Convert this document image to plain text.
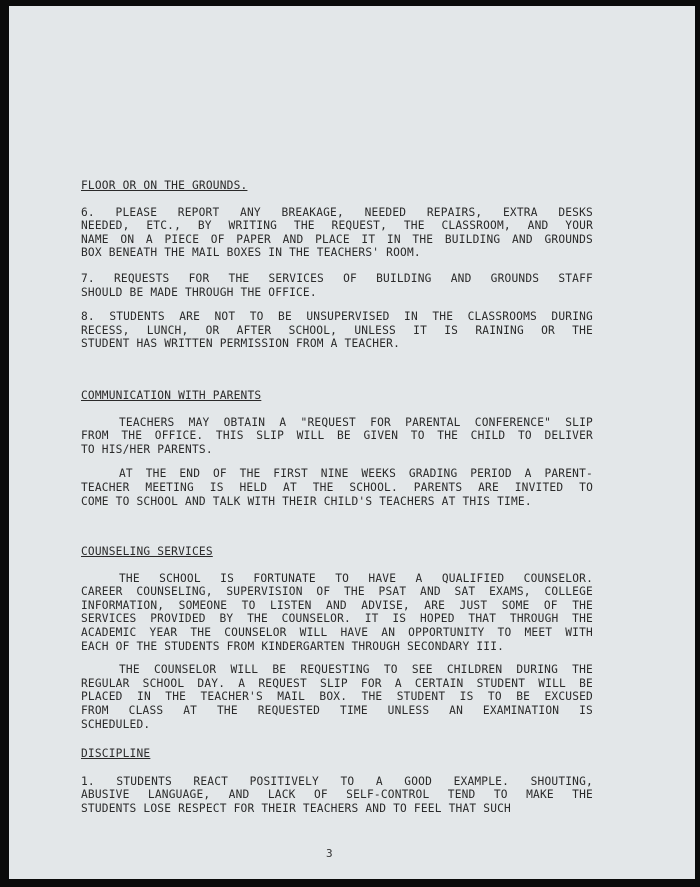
FLOOR OR ON THE GROUNDS.
6. PLEASE REPORT ANY BREAKAGE, NEEDED REPAIRS, EXTRA DESKS
NEEDED, ETC., BY WRITING THE REQUEST, THE CLASSROOM, AND YOUR
NAME ON A PIECE OF PAPER AND PLACE IT IN THE BUILDING AND GROUNDS
BOX BENEATH THE MAIL BOXES IN THE TEACHERS' ROOM.
7. REQUESTS FOR THE SERVICES OF BUILDING AND GROUNDS STAFF
SHOULD BE MADE THROUGH THE OFFICE.
8. STUDENTS ARE NOT TO BE UNSUPERVISED IN THE CLASSROOMS DURING
RECESS, LUNCH, OR AFTER SCHOOL, UNLESS IT IS RAINING OR THE
STUDENT HAS WRITTEN PERMISSION FROM A TEACHER.
COMMUNICATION WITH PARENTS
TEACHERS MAY OBTAIN A "REQUEST FOR PARENTAL CONFERENCE" SLIP
FROM THE OFFICE. THIS SLIP WILL BE GIVEN TO THE CHILD TO DELIVER
TO HIS/HER PARENTS.
AT THE END OF THE FIRST NINE WEEKS GRADING PERIOD A PARENT-
TEACHER MEETING IS HELD AT THE SCHOOL. PARENTS ARE INVITED TO
COME TO SCHOOL AND TALK WITH THEIR CHILD'S TEACHERS AT THIS TIME.
COUNSELING SERVICES
THE SCHOOL IS FORTUNATE TO HAVE A QUALIFIED COUNSELOR.
CAREER COUNSELING, SUPERVISION OF THE PSAT AND SAT EXAMS, COLLEGE
INFORMATION, SOMEONE TO LISTEN AND ADVISE, ARE JUST SOME OF THE
SERVICES PROVIDED BY THE COUNSELOR. IT IS HOPED THAT THROUGH THE
ACADEMIC YEAR THE COUNSELOR WILL HAVE AN OPPORTUNITY TO MEET WITH
EACH OF THE STUDENTS FROM KINDERGARTEN THROUGH SECONDARY III.
THE COUNSELOR WILL BE REQUESTING TO SEE CHILDREN DURING THE
REGULAR SCHOOL DAY. A REQUEST SLIP FOR A CERTAIN STUDENT WILL BE
PLACED IN THE TEACHER'S MAIL BOX. THE STUDENT IS TO BE EXCUSED
FROM CLASS AT THE REQUESTED TIME UNLESS AN EXAMINATION IS
SCHEDULED.
DISCIPLINE
1. STUDENTS REACT POSITIVELY TO A GOOD EXAMPLE. SHOUTING,
ABUSIVE LANGUAGE, AND LACK OF SELF-CONTROL TEND TO MAKE THE
STUDENTS LOSE RESPECT FOR THEIR TEACHERS AND TO FEEL THAT SUCH
3
